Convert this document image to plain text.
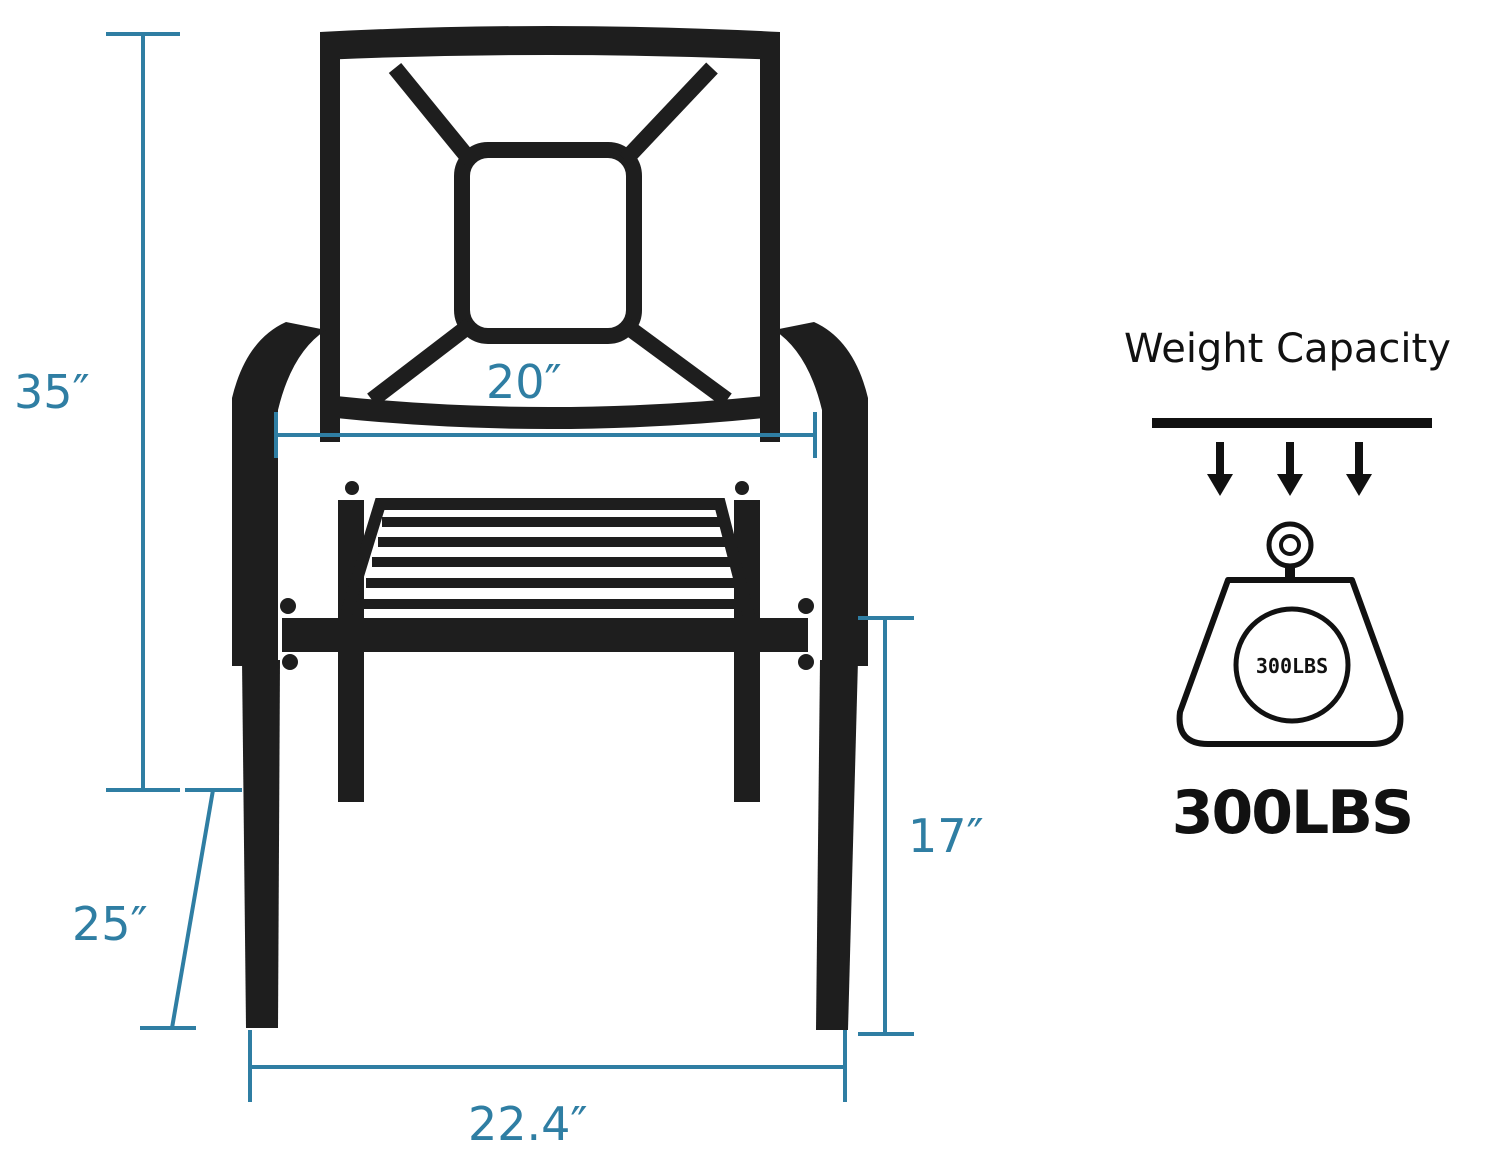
35″	20″
17″
25″
22.4″
Weight Capacity
300LBS
300LBS
